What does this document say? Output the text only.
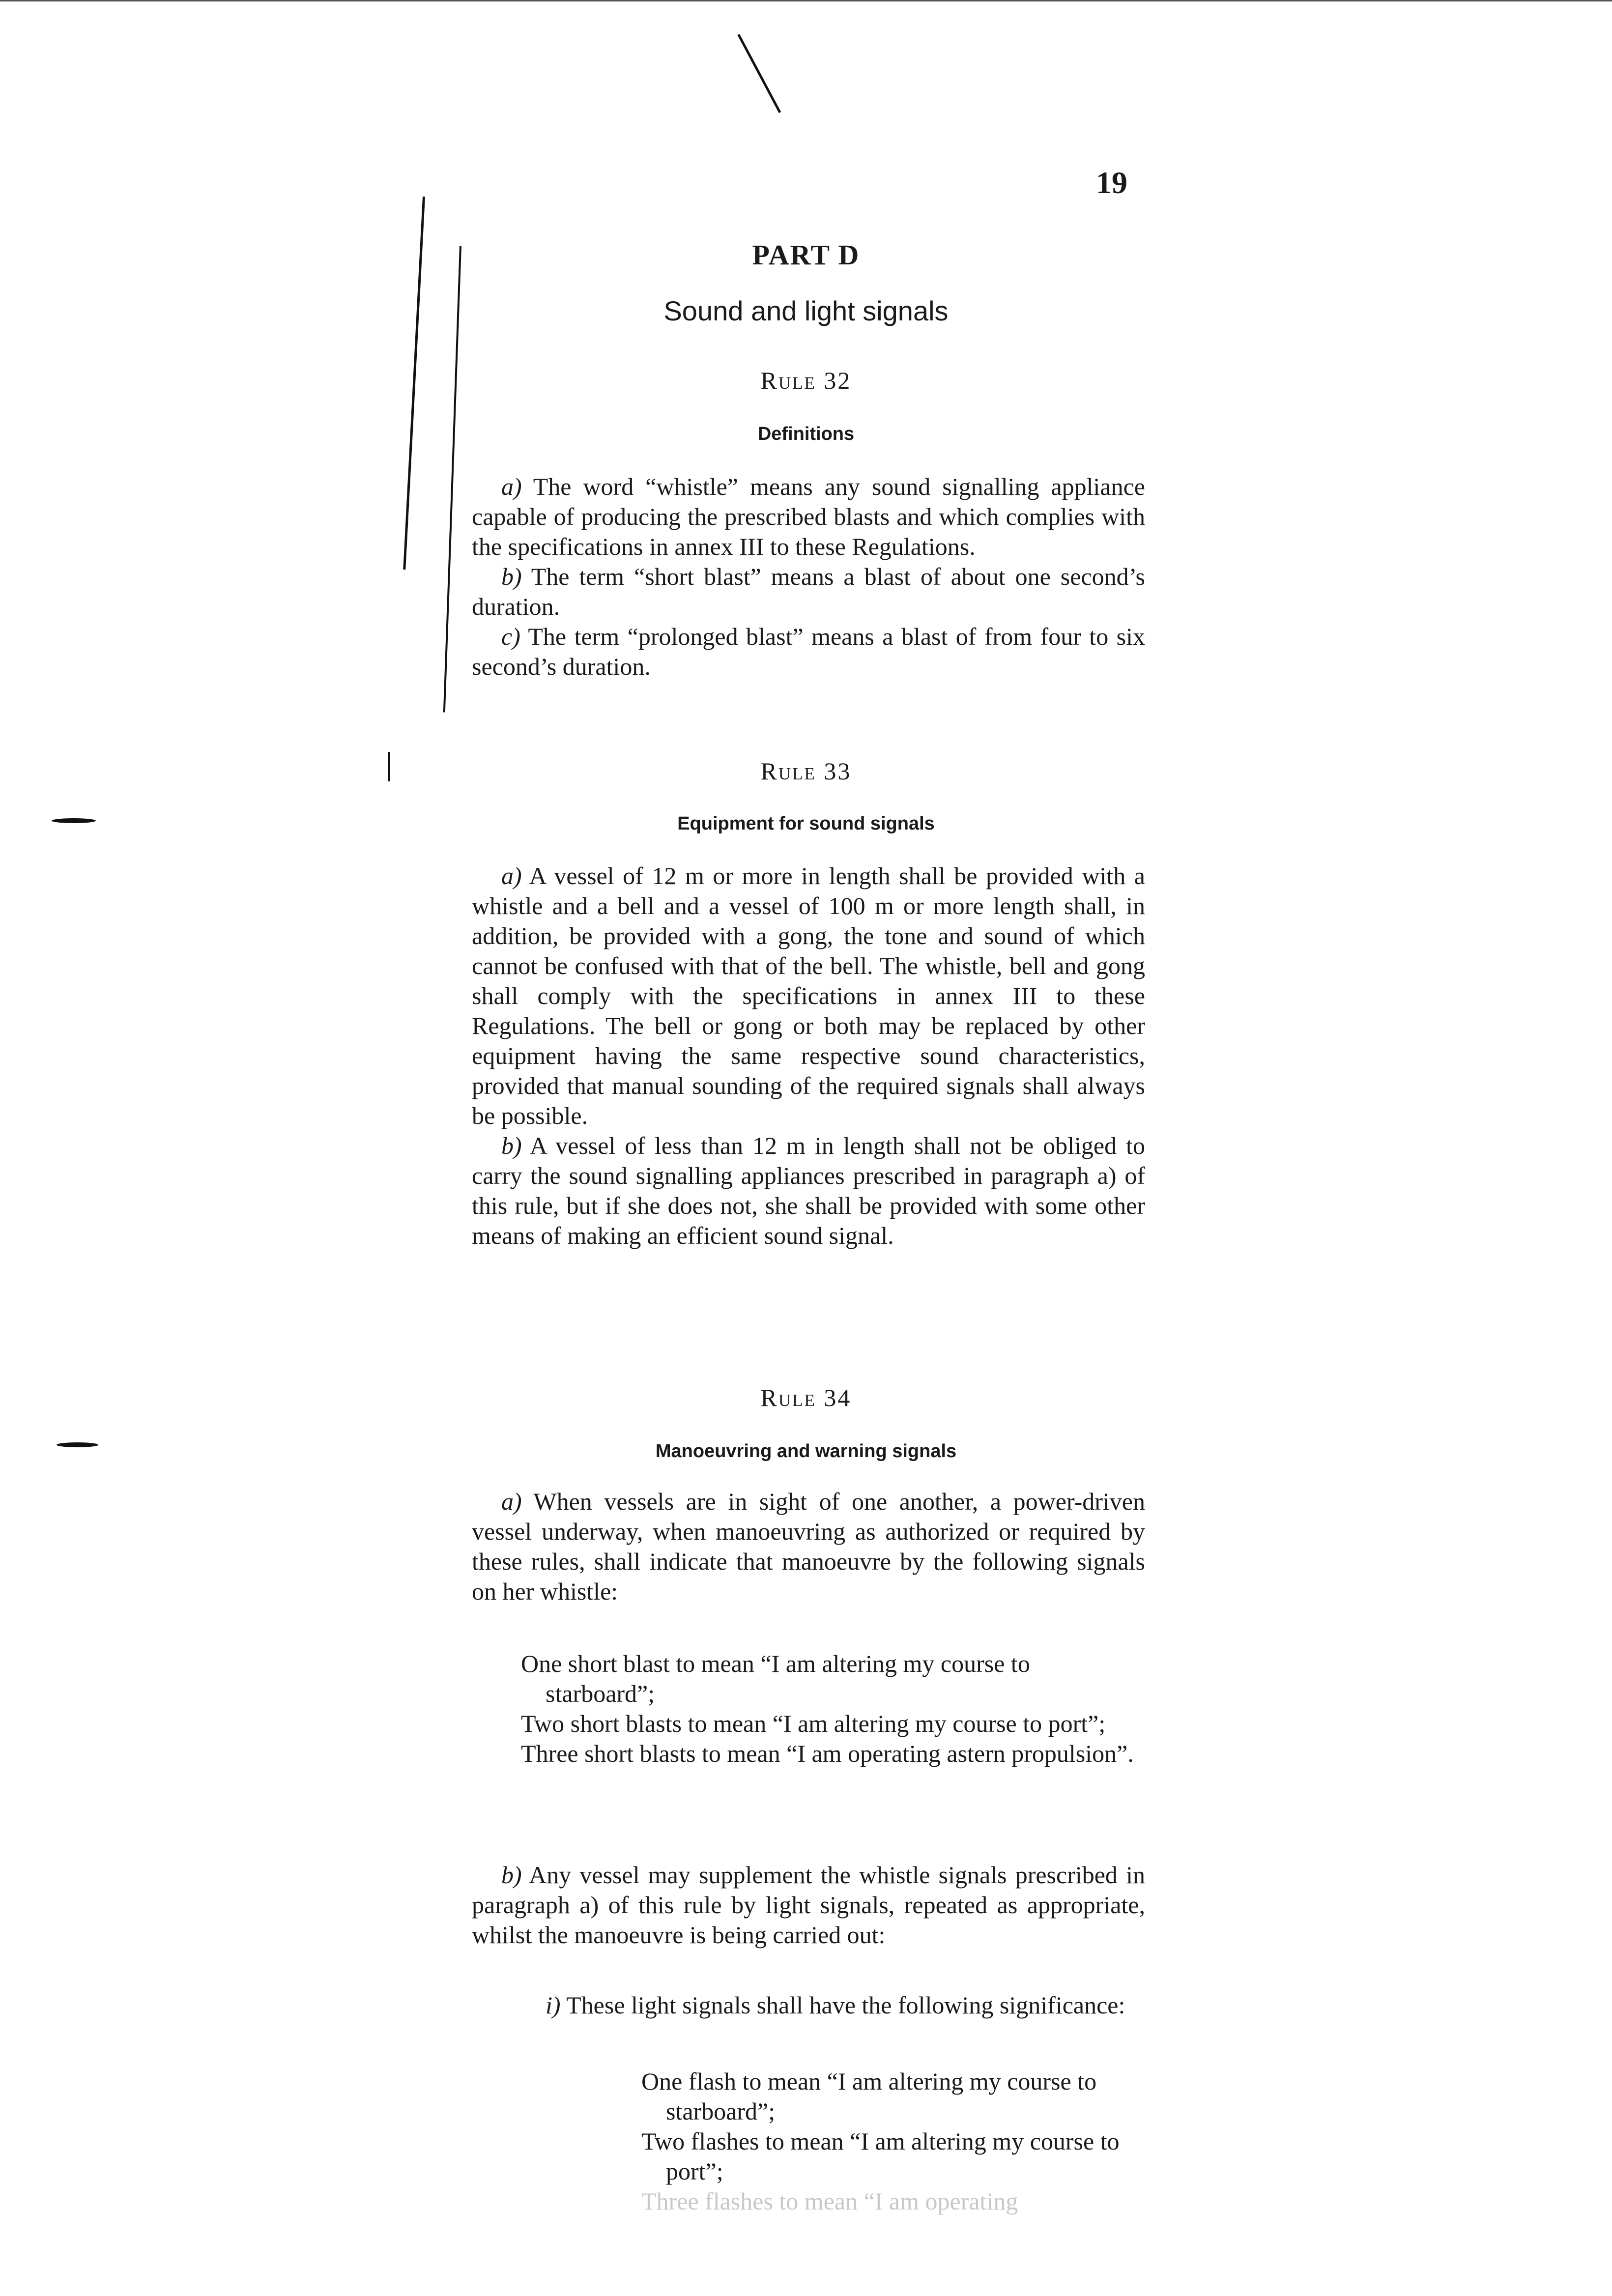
19
PART D
Sound and light signals
Rule 32
Definitions

a) The word “whistle” means any sound signalling appliance capable of producing the prescribed blasts and which complies with the specifications in annex III to these Regulations.

b) The term “short blast” means a blast of about one second’s duration.

c) The term “prolonged blast” means a blast of from four to six second’s duration.

Rule 33
Equipment for sound signals

a) A vessel of 12 m or more in length shall be provided with a whistle and a bell and a vessel of 100 m or more length shall, in addition, be provided with a gong, the tone and sound of which cannot be confused with that of the bell. The whistle, bell and gong shall comply with the specifications in annex III to these Regulations. The bell or gong or both may be replaced by other equipment having the same respective sound characteristics, provided that manual sounding of the required signals shall always be possible.

b) A vessel of less than 12 m in length shall not be obliged to carry the sound signalling appliances prescribed in paragraph a) of this rule, but if she does not, she shall be provided with some other means of making an efficient sound signal.

Rule 34
Manoeuvring and warning signals

a) When vessels are in sight of one another, a power-driven vessel underway, when manoeuvring as authorized or required by these rules, shall indicate that manoeuvre by the following signals on her whistle:

One short blast to mean “I am altering my course to starboard”;

Two short blasts to mean “I am altering my course to port”;

Three short blasts to mean “I am operating astern propulsion”.

b) Any vessel may supplement the whistle signals prescribed in paragraph a) of this rule by light signals, repeated as appropriate, whilst the manoeuvre is being carried out:

i) These light signals shall have the following significance:

One flash to mean “I am altering my course to starboard”;

Two flashes to mean “I am altering my course to port”;

Three flashes to mean “I am operating
